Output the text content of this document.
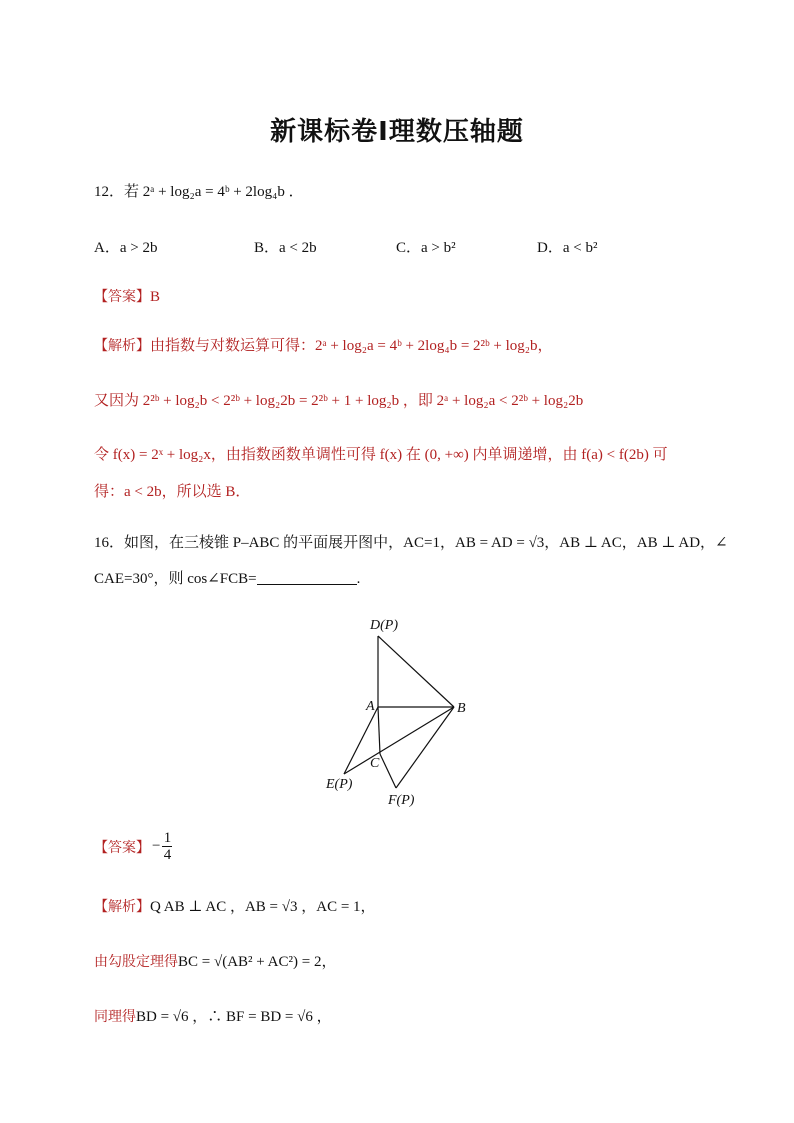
新课标卷Ⅰ理数压轴题
12．若 2ᵃ + log₂a = 4ᵇ + 2log₄b ．
A．a > 2b	B．a < 2b	C．a > b²	D．a < b²
【答案】B
【解析】由指数与对数运算可得：2ᵃ + log₂a = 4ᵇ + 2log₄b = 2²ᵇ + log₂b，
又因为 2²ᵇ + log₂b < 2²ᵇ + log₂2b = 2²ᵇ + 1 + log₂b ，即 2ᵃ + log₂a < 2²ᵇ + log₂2b
令 f(x) = 2ˣ + log₂x，由指数函数单调性可得 f(x) 在 (0, +∞) 内单调递增，由 f(a) < f(2b) 可
得：a < 2b，所以选 B．
16．如图，在三棱锥 P–ABC 的平面展开图中，AC=1，AB = AD = √3，AB ⊥ AC，AB ⊥ AD，∠
CAE=30°，则 cos∠FCB=	.
D(P)
A	B
C
E(P)
F(P)
【答案】 − $\frac{1}{4}$
【解析】Q AB ⊥ AC ，AB = √3 ，AC = 1，
由勾股定理得BC = √(AB² + AC²) = 2，
同理得BD = √6 ，∴ BF = BD = √6 ，
